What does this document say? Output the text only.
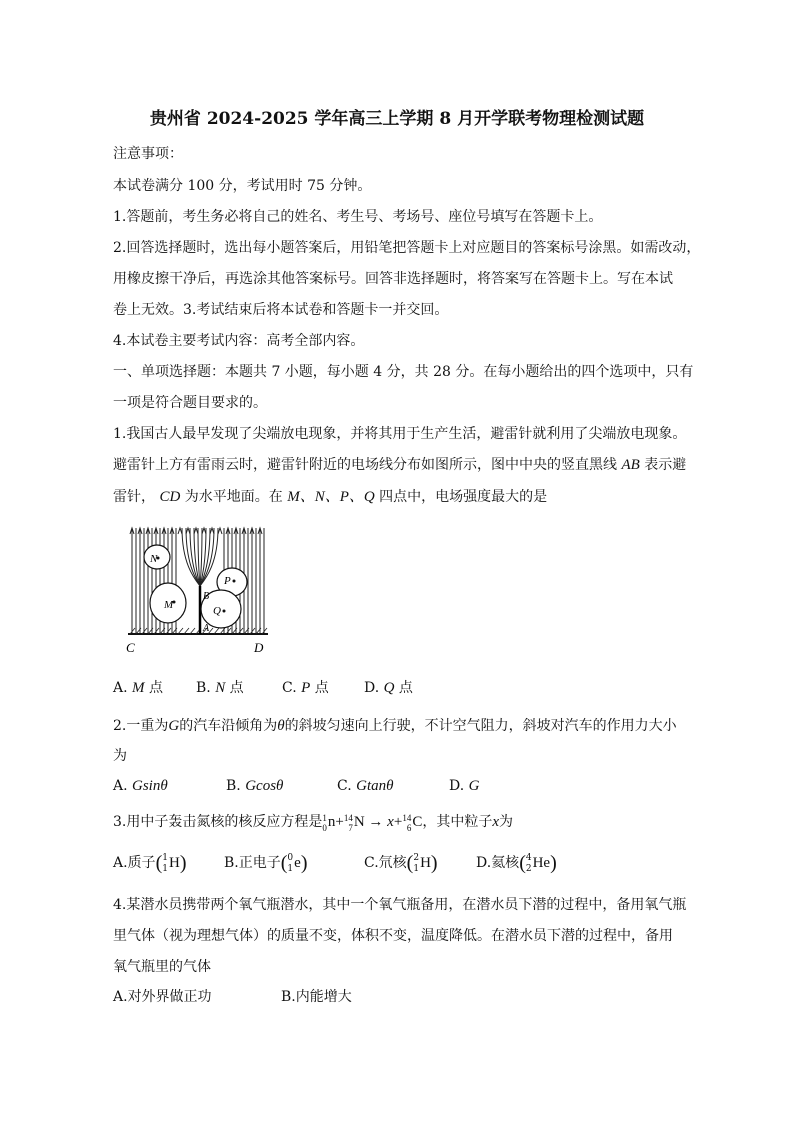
贵州省 2024-2025 学年高三上学期 8 月开学联考物理检测试题
注意事项：
本试卷满分 100 分，考试用时 75 分钟。
1.答题前，考生务必将自己的姓名、考生号、考场号、座位号填写在答题卡上。
2.回答选择题时，选出每小题答案后，用铅笔把答题卡上对应题目的答案标号涂黑。如需改动，
用橡皮擦干净后，再选涂其他答案标号。回答非选择题时，将答案写在答题卡上。写在本试
卷上无效。3.考试结束后将本试卷和答题卡一并交回。
4.本试卷主要考试内容：高考全部内容。
一、单项选择题：本题共 7 小题，每小题 4 分，共 28 分。在每小题给出的四个选项中，只有
一项是符合题目要求的。
1.我国古人最早发现了尖端放电现象，并将其用于生产生活，避雷针就利用了尖端放电现象。
避雷针上方有雷雨云时，避雷针附近的电场线分布如图所示，图中中央的竖直黑线 AB 表示避
雷针， CD 为水平地面。在 M、N、P、Q 四点中，电场强度最大的是
N
M
P
Q
B
A
C	D
A. M 点 B. N 点	C. P 点	D. Q 点
2.一重为G的汽车沿倾角为θ的斜坡匀速向上行驶，不计空气阻力，斜坡对汽车的作用力大小
为
A. Gsinθ	B. Gcosθ	C. Gtanθ	D. G
3.用中子轰击氮核的核反应方程是1
0n+14
7N → x+14
6C，其中粒子x为
A.质子(1
1H)	B.正电子(0
1e)	C.氘核(2
1H)	D.氦核(4
2He)
4.某潜水员携带两个氧气瓶潜水，其中一个氧气瓶备用，在潜水员下潜的过程中，备用氧气瓶
里气体（视为理想气体）的质量不变，体积不变，温度降低。在潜水员下潜的过程中，备用
氧气瓶里的气体
A.对外界做正功	B.内能增大
